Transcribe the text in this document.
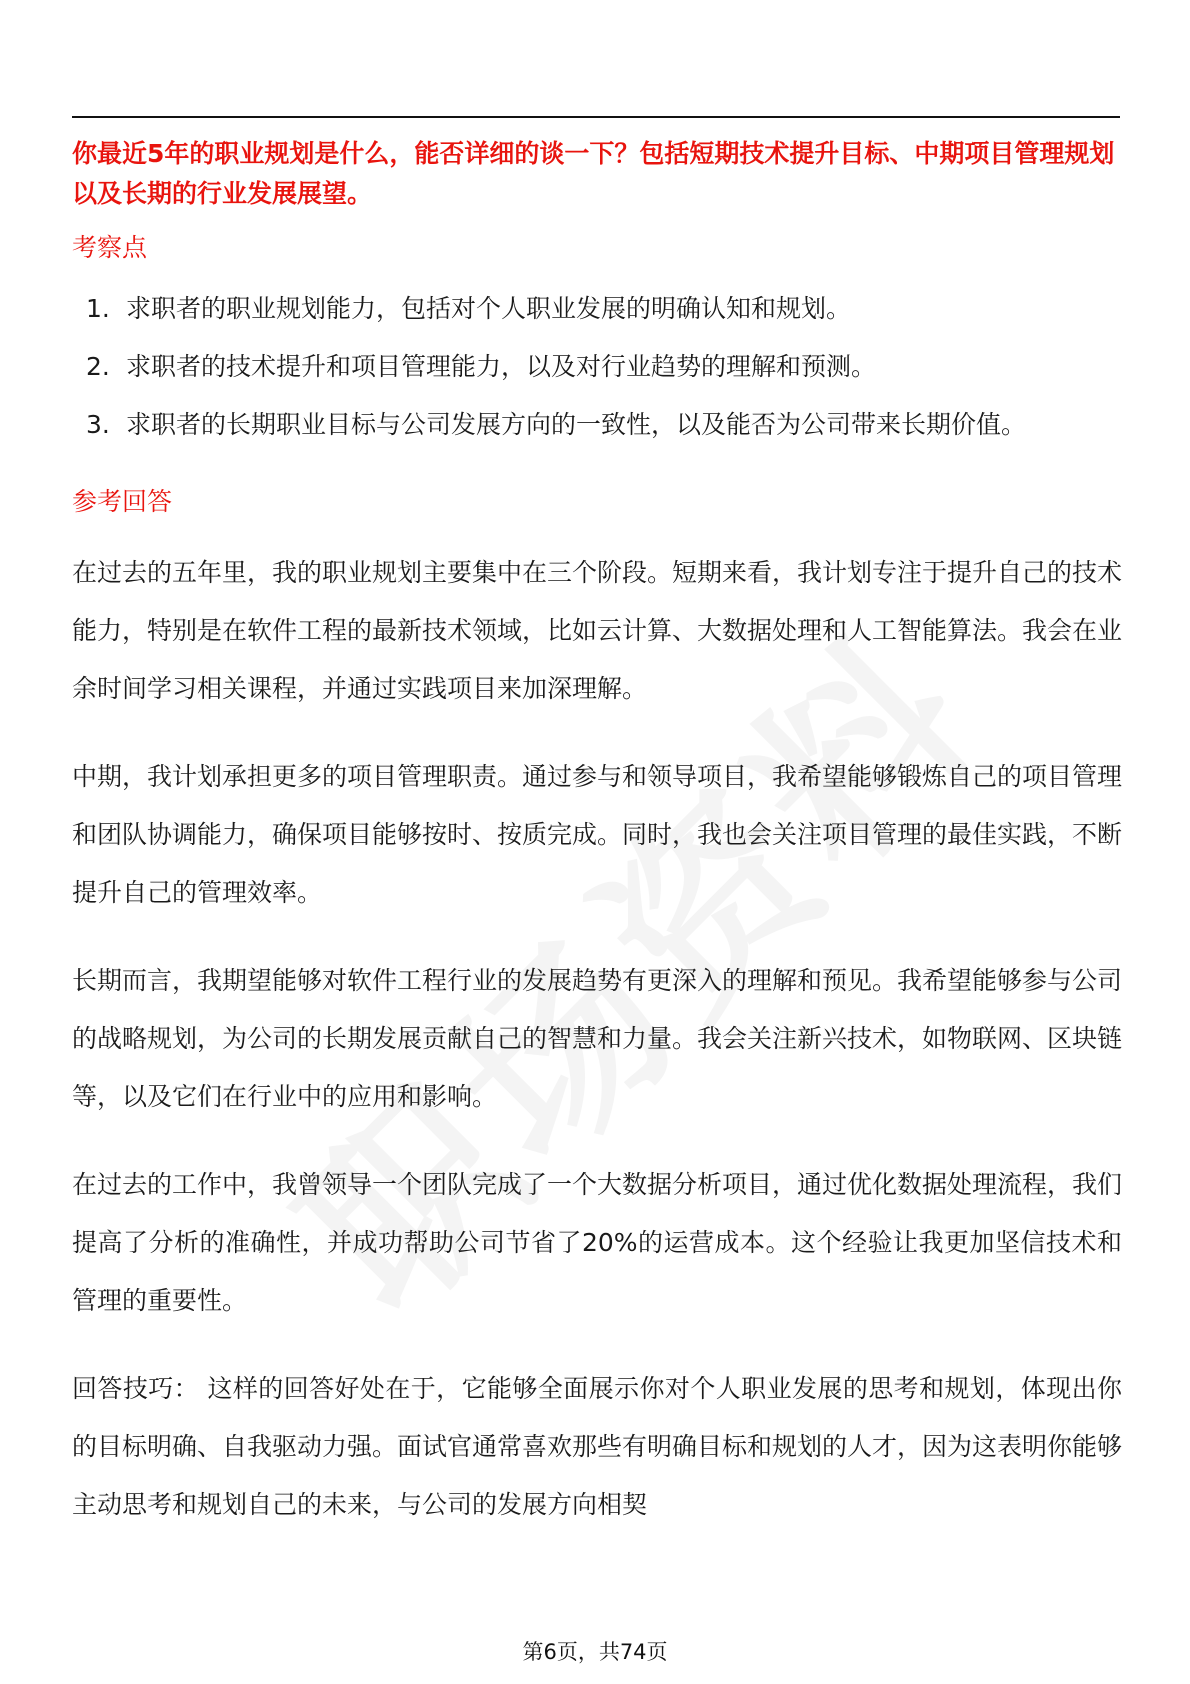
你最近5年的职业规划是什么，能否详细的谈一下？包括短期技术提升目标、中期项目管理规划以及长期的行业发展展望。

考察点
1. 求职者的职业规划能力，包括对个人职业发展的明确认知和规划。
2. 求职者的技术提升和项目管理能力，以及对行业趋势的理解和预测。
3. 求职者的长期职业目标与公司发展方向的一致性，以及能否为公司带来长期价值。
参考回答

在过去的五年里，我的职业规划主要集中在三个阶段。短期来看，我计划专注于提升自己的技术能力，特别是在软件工程的最新技术领域，比如云计算、大数据处理和人工智能算法。我会在业余时间学习相关课程，并通过实践项目来加深理解。

中期，我计划承担更多的项目管理职责。通过参与和领导项目，我希望能够锻炼自己的项目管理和团队协调能力，确保项目能够按时、按质完成。同时，我也会关注项目管理的最佳实践，不断提升自己的管理效率。

长期而言，我期望能够对软件工程行业的发展趋势有更深入的理解和预见。我希望能够参与公司的战略规划，为公司的长期发展贡献自己的智慧和力量。我会关注新兴技术，如物联网、区块链等，以及它们在行业中的应用和影响。

在过去的工作中，我曾领导一个团队完成了一个大数据分析项目，通过优化数据处理流程，我们提高了分析的准确性，并成功帮助公司节省了20%的运营成本。这个经验让我更加坚信技术和管理的重要性。

回答技巧： 这样的回答好处在于，它能够全面展示你对个人职业发展的思考和规划，体现出你的目标明确、自我驱动力强。面试官通常喜欢那些有明确目标和规划的人才，因为这表明你能够主动思考和规划自己的未来，与公司的发展方向相契

第6页，共74页
